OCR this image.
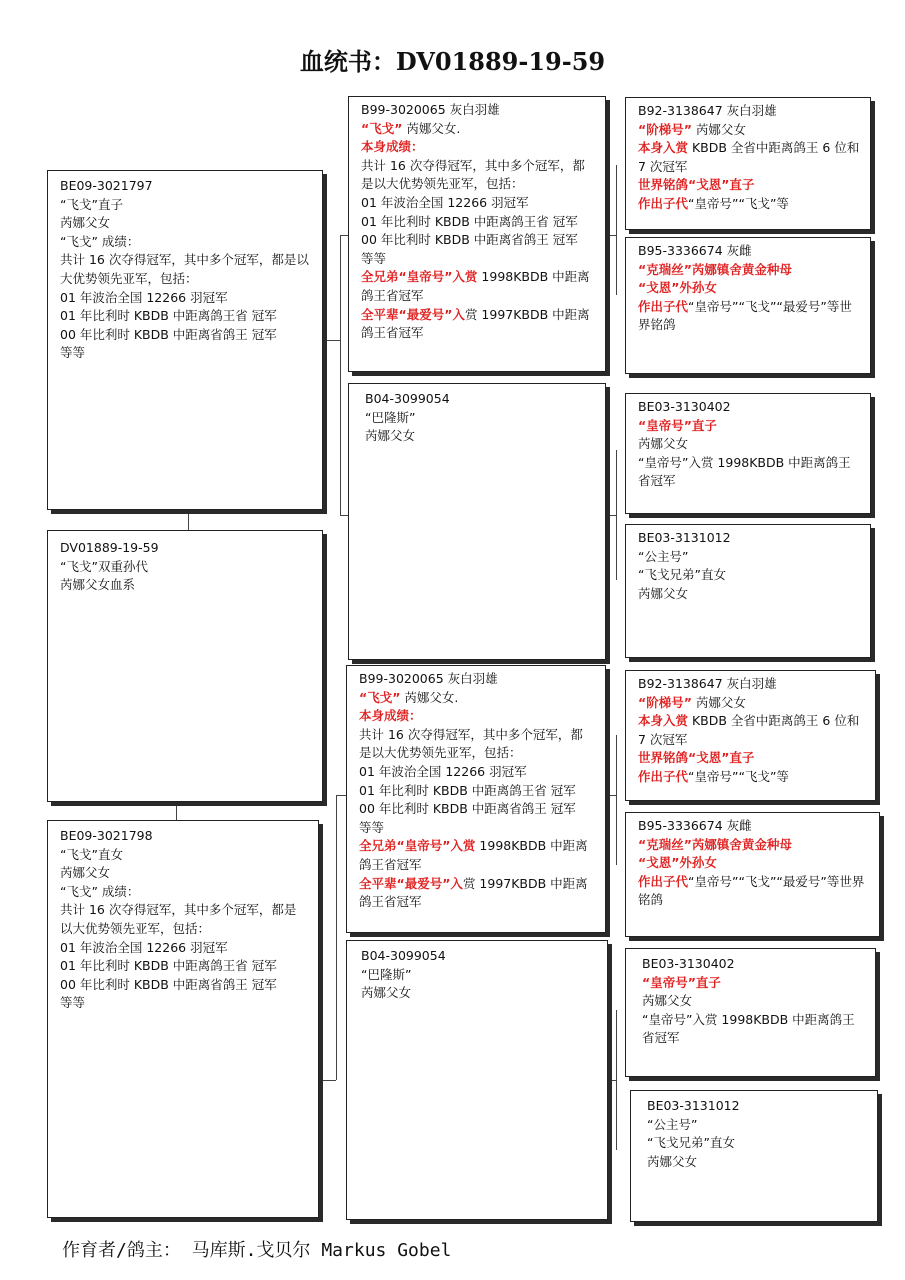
血统书：DV01889-19-59
BE09-3021797
“飞戈”直子
芮娜父女
“飞戈” 成绩：
共计 16 次夺得冠军，其中多个冠军，都是以大优势领先亚军，包括：
01 年波治全国 12266 羽冠军
01 年比利时 KBDB 中距离鸽王省 冠军
00 年比利时 KBDB 中距离省鸽王 冠军
等等
DV01889-19-59
“飞戈”双重孙代
芮娜父女血系
BE09-3021798
“飞戈”直女
芮娜父女
“飞戈” 成绩：
共计 16 次夺得冠军，其中多个冠军，都是以大优势领先亚军，包括：
01 年波治全国 12266 羽冠军
01 年比利时 KBDB 中距离鸽王省 冠军
00 年比利时 KBDB 中距离省鸽王 冠军
等等
B99-3020065 灰白羽雄
“飞戈” 芮娜父女.
本身成绩：
共计 16 次夺得冠军，其中多个冠军，都是以大优势领先亚军，包括：
01 年波治全国 12266 羽冠军
01 年比利时 KBDB 中距离鸽王省 冠军
00 年比利时 KBDB 中距离省鸽王 冠军
等等
全兄弟“皇帝号”入赏 1998KBDB 中距离鸽王省冠军
全平辈“最爱号”入赏 1997KBDB 中距离鸽王省冠军
B04-3099054
“巴隆斯”
芮娜父女
B99-3020065 灰白羽雄
“飞戈” 芮娜父女.
本身成绩：
共计 16 次夺得冠军，其中多个冠军，都是以大优势领先亚军，包括：
01 年波治全国 12266 羽冠军
01 年比利时 KBDB 中距离鸽王省 冠军
00 年比利时 KBDB 中距离省鸽王 冠军
等等
全兄弟“皇帝号”入赏 1998KBDB 中距离鸽王省冠军
全平辈“最爱号”入赏 1997KBDB 中距离鸽王省冠军
B04-3099054
“巴隆斯”
芮娜父女
B92-3138647 灰白羽雄
“阶梯号” 芮娜父女
本身入赏 KBDB 全省中距离鸽王 6 位和 7 次冠军
世界铭鸽“戈恩”直子
作出子代“皇帝号”“飞戈”等
B95-3336674 灰雌
“克瑞丝”芮娜镇舍黄金种母
“戈恩”外孙女
作出子代“皇帝号”“飞戈”“最爱号”等世界铭鸽
BE03-3130402
“皇帝号”直子
芮娜父女
“皇帝号”入赏 1998KBDB 中距离鸽王省冠军
BE03-3131012
“公主号”
“飞戈兄弟”直女
芮娜父女
B92-3138647 灰白羽雄
“阶梯号” 芮娜父女
本身入赏 KBDB 全省中距离鸽王 6 位和 7 次冠军
世界铭鸽“戈恩”直子
作出子代“皇帝号”“飞戈”等
B95-3336674 灰雌
“克瑞丝”芮娜镇舍黄金种母
“戈恩”外孙女
作出子代“皇帝号”“飞戈”“最爱号”等世界铭鸽
BE03-3130402
“皇帝号”直子
芮娜父女
“皇帝号”入赏 1998KBDB 中距离鸽王省冠军
BE03-3131012
“公主号”
“飞戈兄弟”直女
芮娜父女
作育者/鸽主： 马库斯.戈贝尔 Markus Gobel
